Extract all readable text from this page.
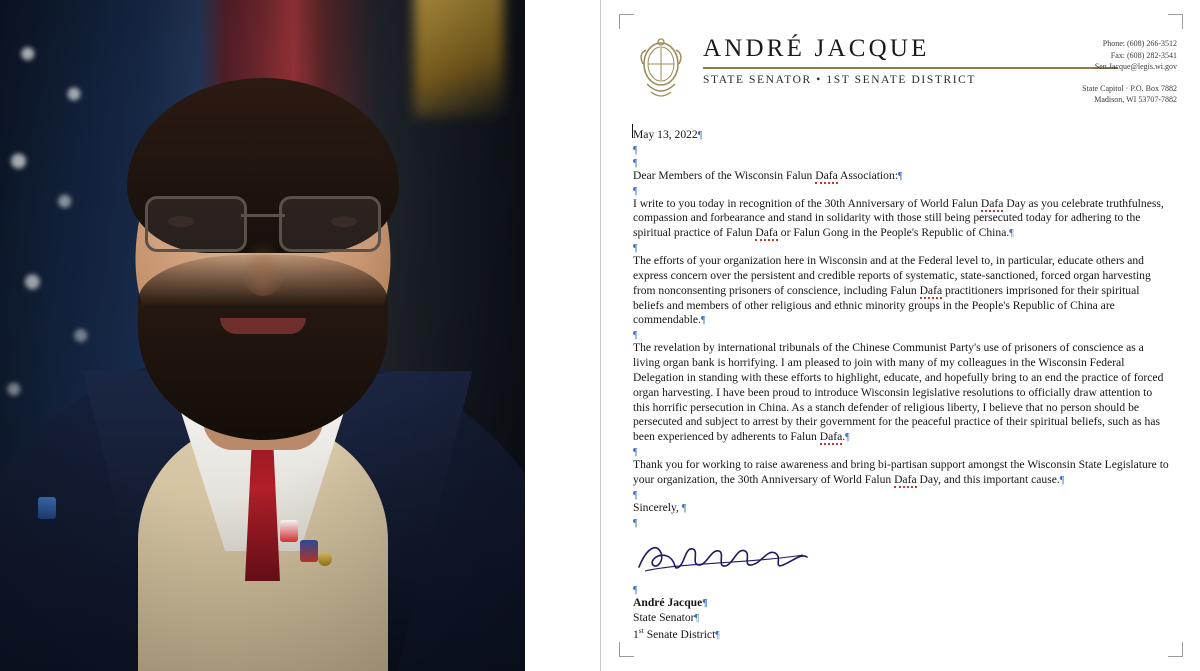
ANDRÉ JACQUE
STATE SENATOR • 1ST SENATE DISTRICT
Phone: (608) 266-3512
Fax: (608) 282-3541
Sen.Jacque@legis.wi.gov
State Capitol · P.O. Box 7882
Madison, WI 53707-7882
May 13, 2022¶
¶
¶
Dear Members of the Wisconsin Falun Dafa Association:¶
¶
I write to you today in recognition of the 30th Anniversary of World Falun Dafa Day as you celebrate truthfulness, compassion and forbearance and stand in solidarity with those still being persecuted today for adhering to the spiritual practice of Falun Dafa or Falun Gong in the People's Republic of China.¶
¶
The efforts of your organization here in Wisconsin and at the Federal level to, in particular, educate others and express concern over the persistent and credible reports of systematic, state-sanctioned, forced organ harvesting from nonconsenting prisoners of conscience, including Falun Dafa practitioners imprisoned for their spiritual beliefs and members of other religious and ethnic minority groups in the People's Republic of China are commendable.¶
¶
The revelation by international tribunals of the Chinese Communist Party's use of prisoners of conscience as a living organ bank is horrifying. I am pleased to join with many of my colleagues in the Wisconsin Federal Delegation in standing with these efforts to highlight, educate, and hopefully bring to an end the practice of forced organ harvesting. I have been proud to introduce Wisconsin legislative resolutions to officially draw attention to this horrific persecution in China. As a stanch defender of religious liberty, I believe that no person should be persecuted and subject to arrest by their government for the peaceful practice of their spiritual beliefs, such as has been experienced by adherents to Falun Dafa.¶
¶
Thank you for working to raise awareness and bring bi-partisan support amongst the Wisconsin State Legislature to your organization, the 30th Anniversary of World Falun Dafa Day, and this important cause.¶
¶
Sincerely, ¶
¶
¶
André Jacque¶
State Senator¶
1st Senate District¶
